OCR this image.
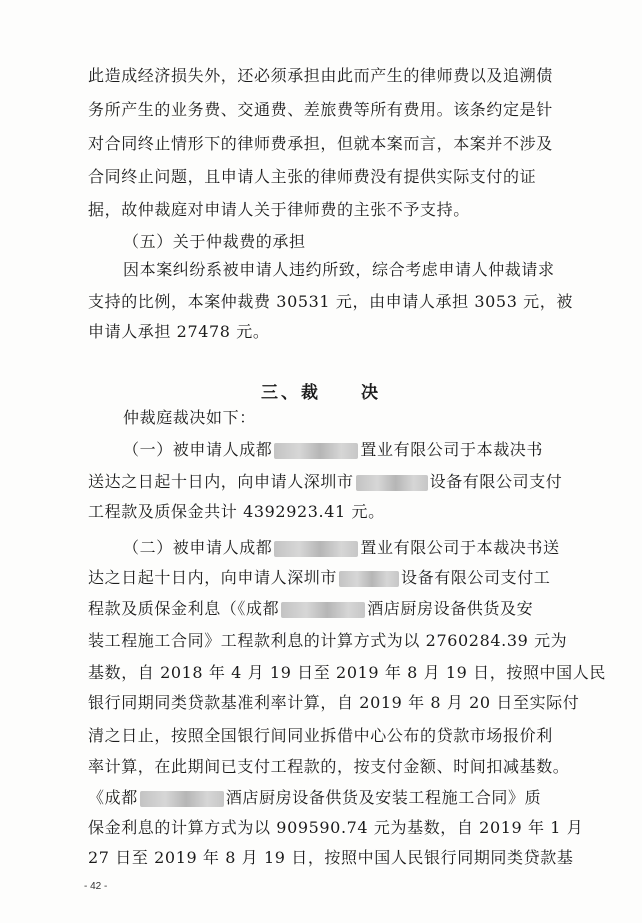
此造成经济损失外，还必须承担由此而产生的律师费以及追溯债
务所产生的业务费、交通费、差旅费等所有费用。该条约定是针
对合同终止情形下的律师费承担，但就本案而言，本案并不涉及
合同终止问题，且申请人主张的律师费没有提供实际支付的证
据，故仲裁庭对申请人关于律师费的主张不予支持。
（五）关于仲裁费的承担
因本案纠纷系被申请人违约所致，综合考虑申请人仲裁请求
支持的比例，本案仲裁费 30531 元，由申请人承担 3053 元，被
申请人承担 27478 元。
三、裁　　决
仲裁庭裁决如下：
（一）被申请人成都	置业有限公司于本裁决书
送达之日起十日内，向申请人深圳市	设备有限公司支付
工程款及质保金共计 4392923.41 元。
（二）被申请人成都	置业有限公司于本裁决书送
达之日起十日内，向申请人深圳市	设备有限公司支付工
程款及质保金利息（《成都	酒店厨房设备供货及安
装工程施工合同》工程款利息的计算方式为以 2760284.39 元为
基数，自 2018 年 4 月 19 日至 2019 年 8 月 19 日，按照中国人民
银行同期同类贷款基准利率计算，自 2019 年 8 月 20 日至实际付
清之日止，按照全国银行间同业拆借中心公布的贷款市场报价利
率计算，在此期间已支付工程款的，按支付金额、时间扣减基数。
《成都	酒店厨房设备供货及安装工程施工合同》质
保金利息的计算方式为以 909590.74 元为基数，自 2019 年 1 月
27 日至 2019 年 8 月 19 日，按照中国人民银行同期同类贷款基
- 42 -
